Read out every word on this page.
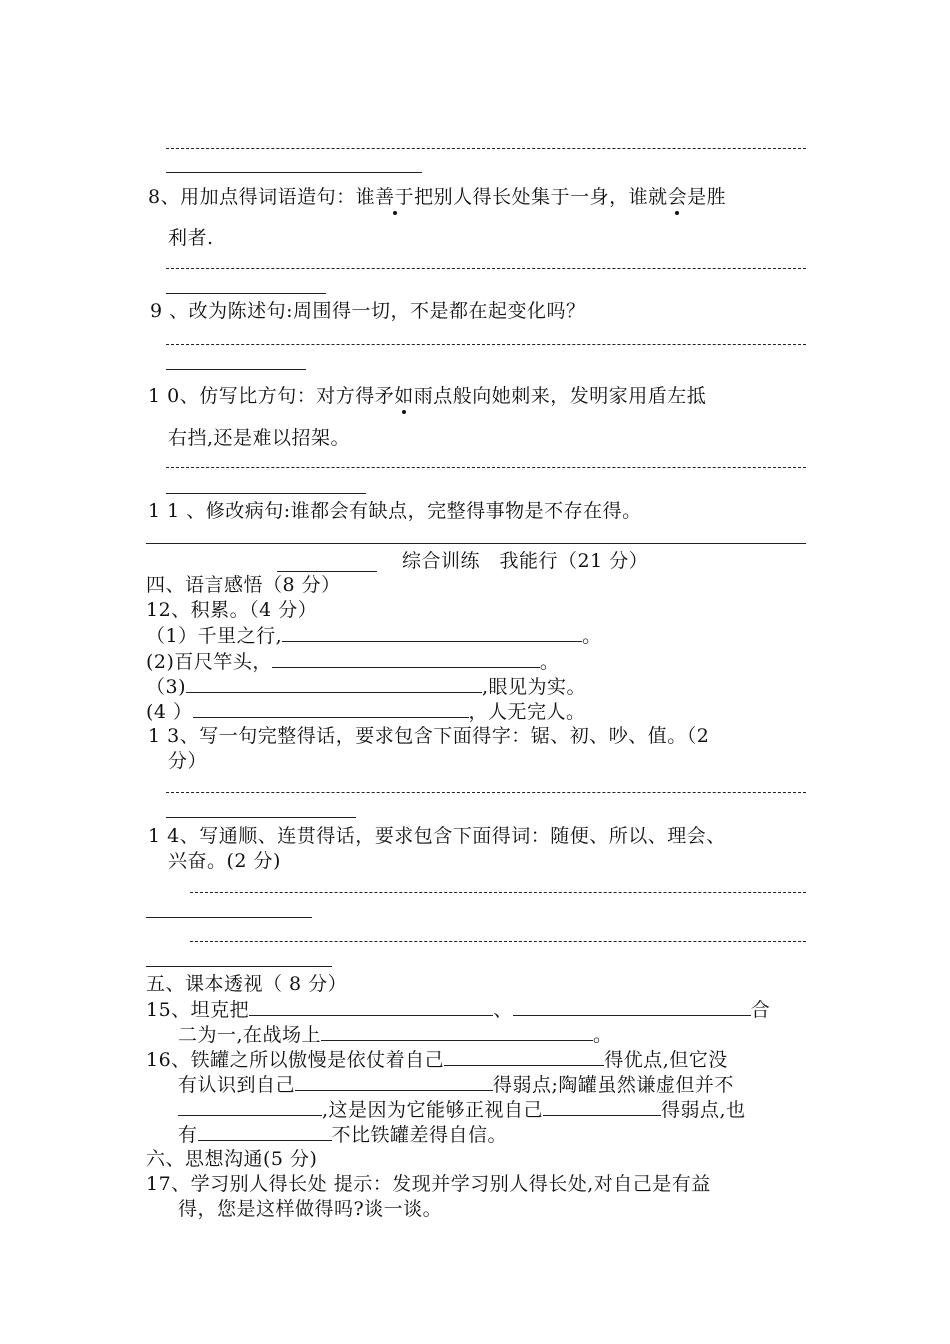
8、用加点得词语造句：谁善于把别人得长处集于一身，谁就会是胜
利者.
9 、改为陈述句:周围得一切，不是都在起变化吗？
1 0、仿写比方句：对方得矛如雨点般向她刺来，发明家用盾左抵
右挡,还是难以招架。
1 1 、修改病句:谁都会有缺点，完整得事物是不存在得。
综合训练　我能行（21 分）
四、语言感悟（8 分）
12、积累。（4 分）
（1）千里之行,	。
(2)百尺竿头，	。
（3)	,眼见为实。
(4 ）	，人无完人。
1 3、写一句完整得话，要求包含下面得字：锯、初、吵、值。（2
分）
1 4、写通顺、连贯得话，要求包含下面得词：随便、所以、理会、
兴奋。(2 分)
五、课本透视（ 8 分）
15、坦克把	、	合
二为一,在战场上	。
16、铁罐之所以傲慢是依仗着自己	得优点,但它没
有认识到自己	得弱点;陶罐虽然谦虚但并不
,这是因为它能够正视自己	得弱点,也
有	不比铁罐差得自信。
六、思想沟通(5 分)
17、学习别人得长处 提示：发现并学习别人得长处,对自己是有益
得，您是这样做得吗?谈一谈。
